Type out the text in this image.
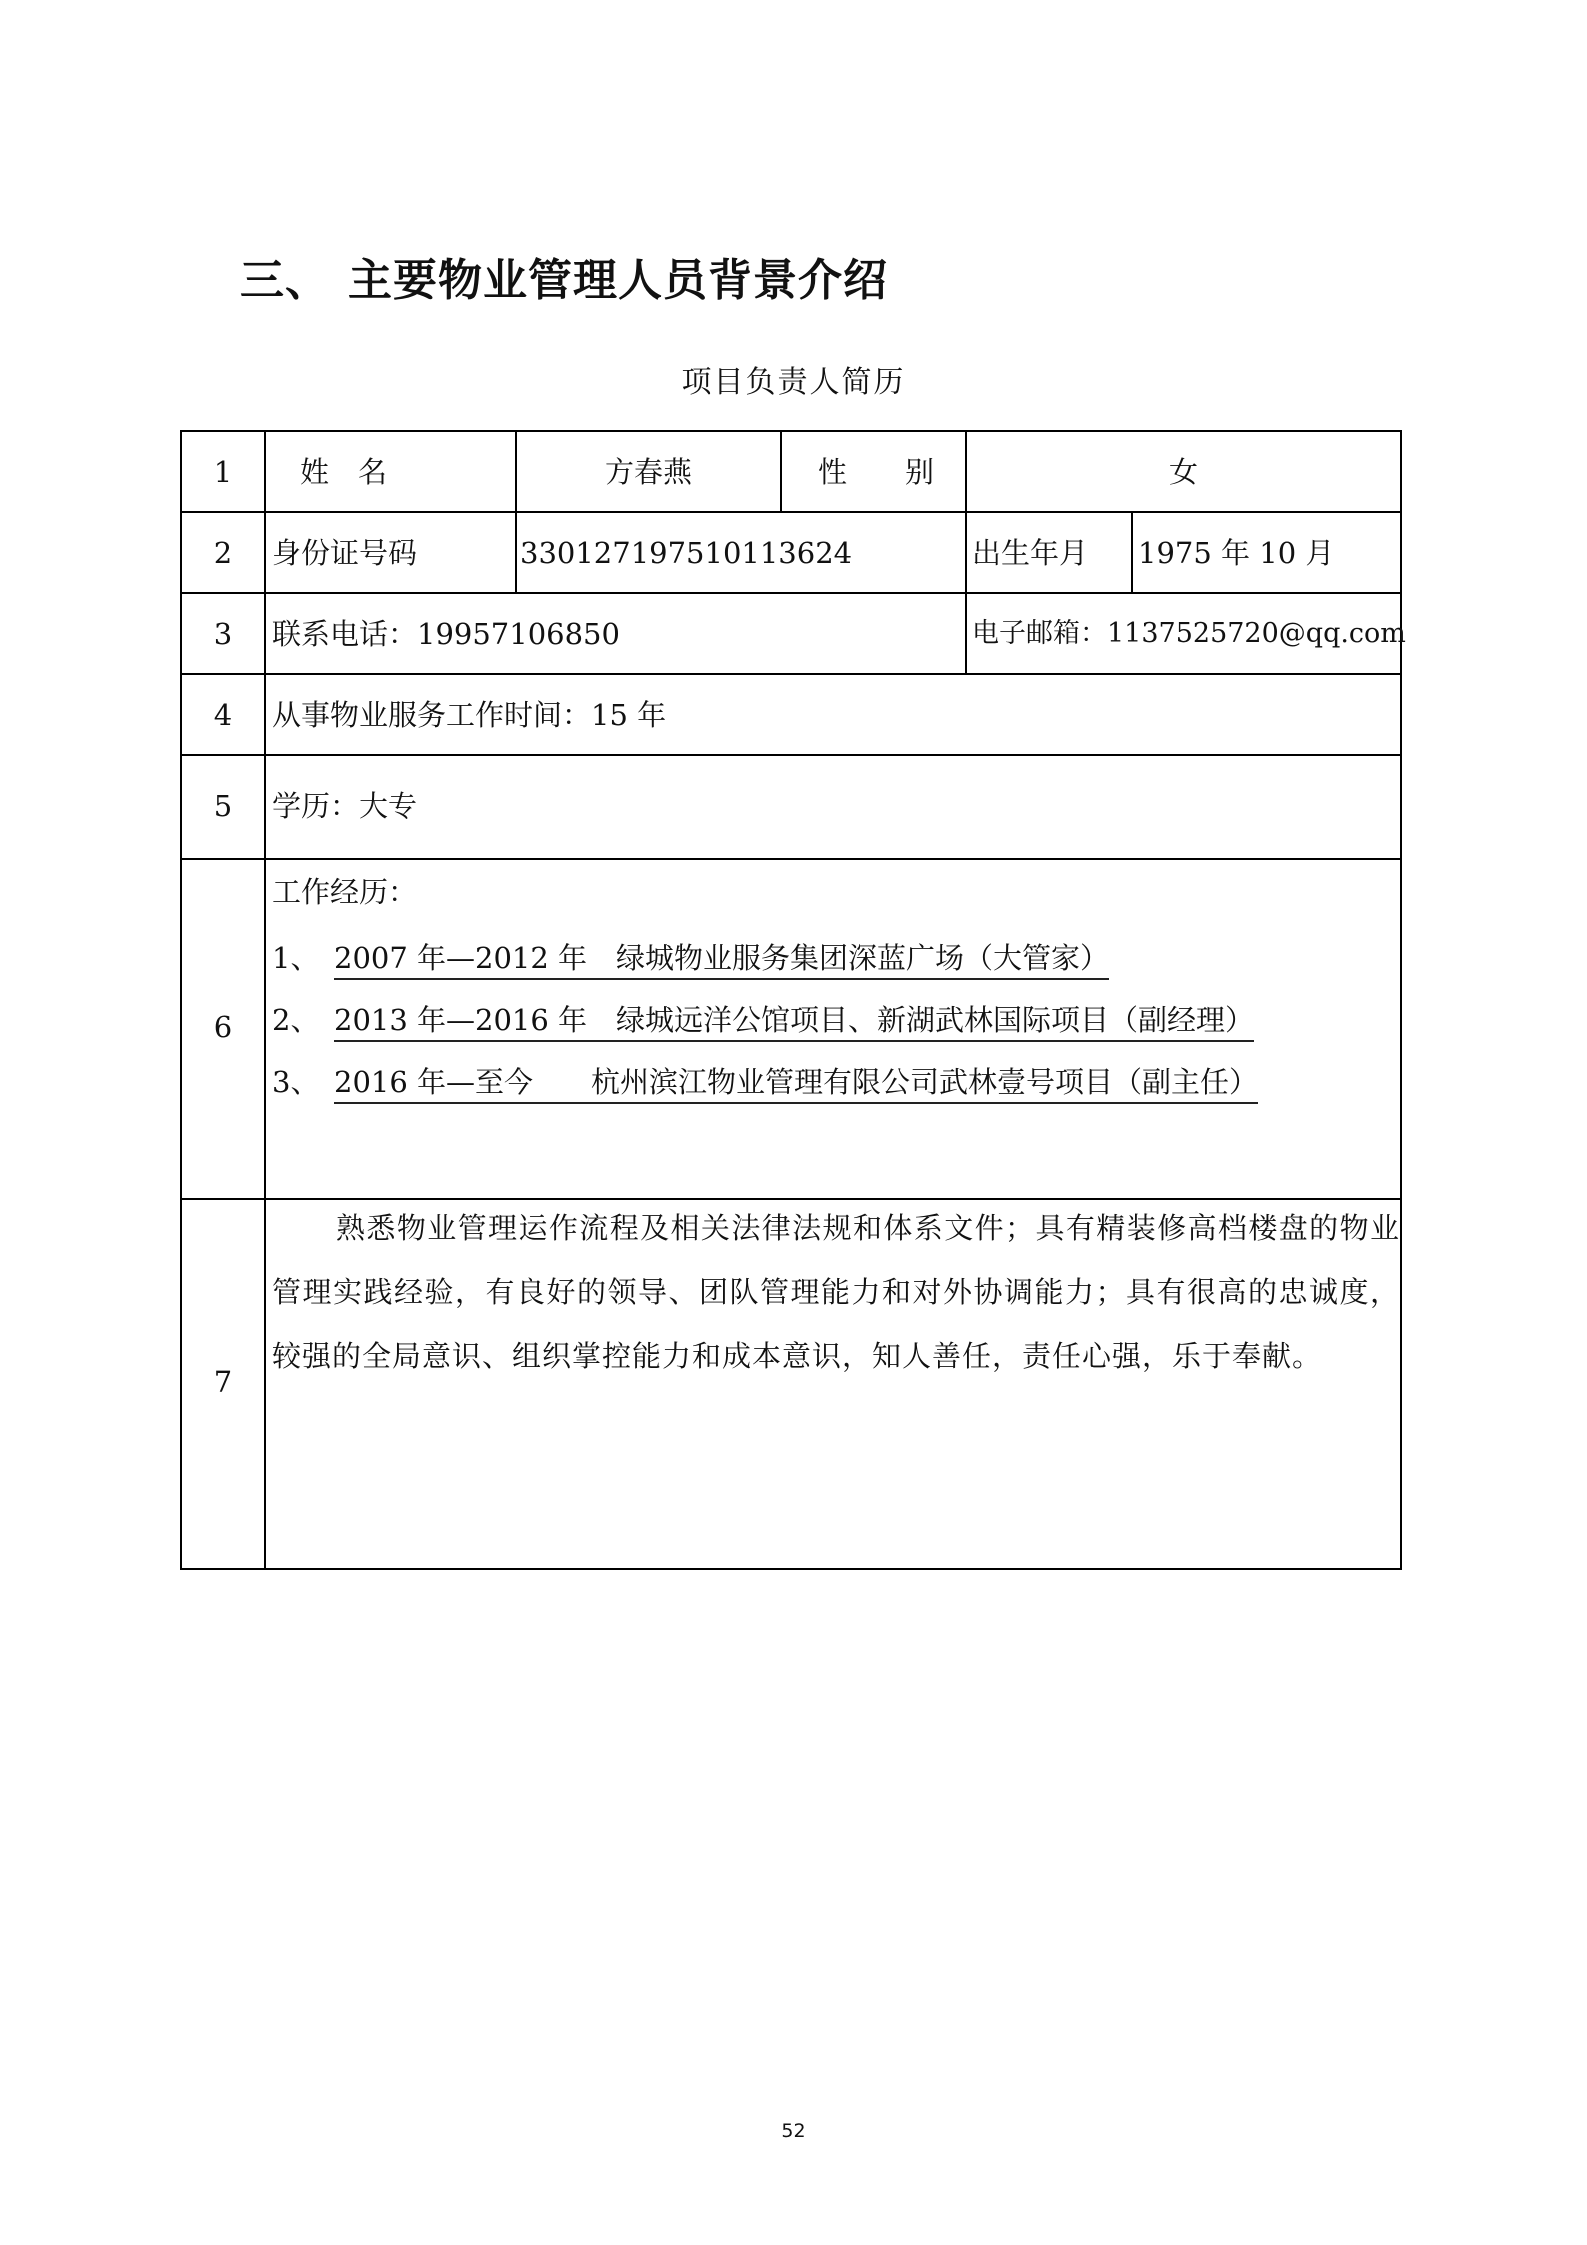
三、 主要物业管理人员背景介绍
项目负责人简历
1	姓　名	方春燕	性　　别	女
2	身份证号码	330127197510113624	出生年月 1975 年 10 月
3	联系电话：19957106850	电子邮箱：1137525720@qq.com
4	从事物业服务工作时间：15 年
5	学历：大专
6
工作经历：
1、 2007 年—2012 年　绿城物业服务集团深蓝广场（大管家）
2、 2013 年—2016 年　绿城远洋公馆项目、新湖武林国际项目（副经理）
3、 2016 年—至今　　杭州滨江物业管理有限公司武林壹号项目（副主任）
7
熟悉物业管理运作流程及相关法律法规和体系文件；具有精装修高档楼盘的物业管理实践经验，有良好的领导、团队管理能力和对外协调能力；具有很高的忠诚度，较强的全局意识、组织掌控能力和成本意识，知人善任，责任心强，乐于奉献。
52
